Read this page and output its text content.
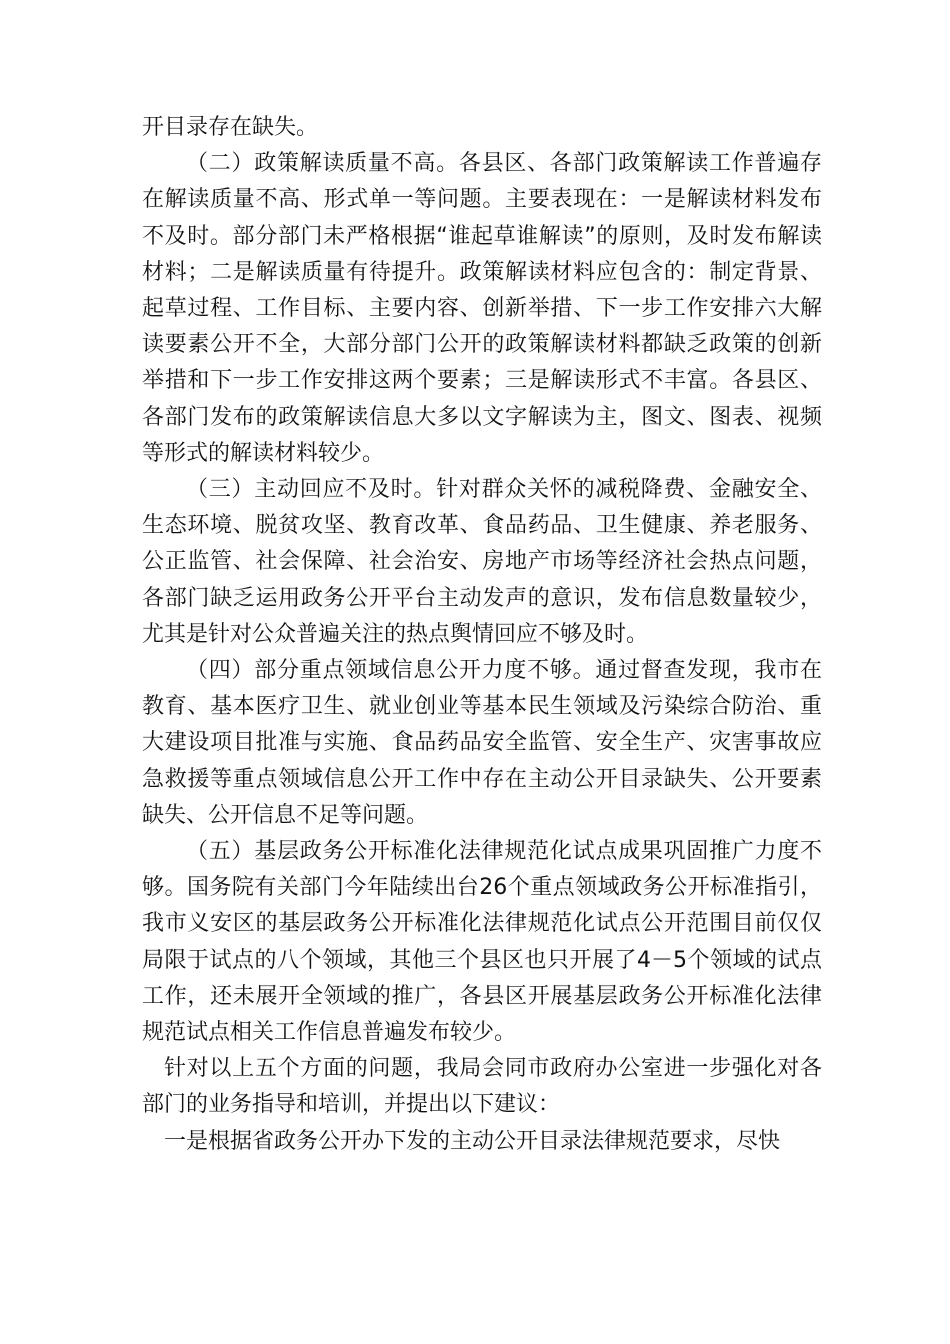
开目录存在缺失。

（二）政策解读质量不高。各县区、各部门政策解读工作普遍存在解读质量不高、形式单一等问题。主要表现在：一是解读材料发布不及时。部分部门未严格根据“谁起草谁解读”的原则，及时发布解读材料；二是解读质量有待提升。政策解读材料应包含的：制定背景、起草过程、工作目标、主要内容、创新举措、下一步工作安排六大解读要素公开不全，大部分部门公开的政策解读材料都缺乏政策的创新举措和下一步工作安排这两个要素；三是解读形式不丰富。各县区、各部门发布的政策解读信息大多以文字解读为主，图文、图表、视频等形式的解读材料较少。

（三）主动回应不及时。针对群众关怀的减税降费、金融安全、生态环境、脱贫攻坚、教育改革、食品药品、卫生健康、养老服务、公正监管、社会保障、社会治安、房地产市场等经济社会热点问题，各部门缺乏运用政务公开平台主动发声的意识，发布信息数量较少，尤其是针对公众普遍关注的热点舆情回应不够及时。

（四）部分重点领域信息公开力度不够。通过督查发现，我市在教育、基本医疗卫生、就业创业等基本民生领域及污染综合防治、重大建设项目批准与实施、食品药品安全监管、安全生产、灾害事故应急救援等重点领域信息公开工作中存在主动公开目录缺失、公开要素缺失、公开信息不足等问题。

（五）基层政务公开标准化法律规范化试点成果巩固推广力度不够。国务院有关部门今年陆续出台26个重点领域政务公开标准指引，我市义安区的基层政务公开标准化法律规范化试点公开范围目前仅仅局限于试点的八个领域，其他三个县区也只开展了4－5个领域的试点工作，还未展开全领域的推广，各县区开展基层政务公开标准化法律规范试点相关工作信息普遍发布较少。

针对以上五个方面的问题，我局会同市政府办公室进一步强化对各部门的业务指导和培训，并提出以下建议：

一是根据省政务公开办下发的主动公开目录法律规范要求，尽快
